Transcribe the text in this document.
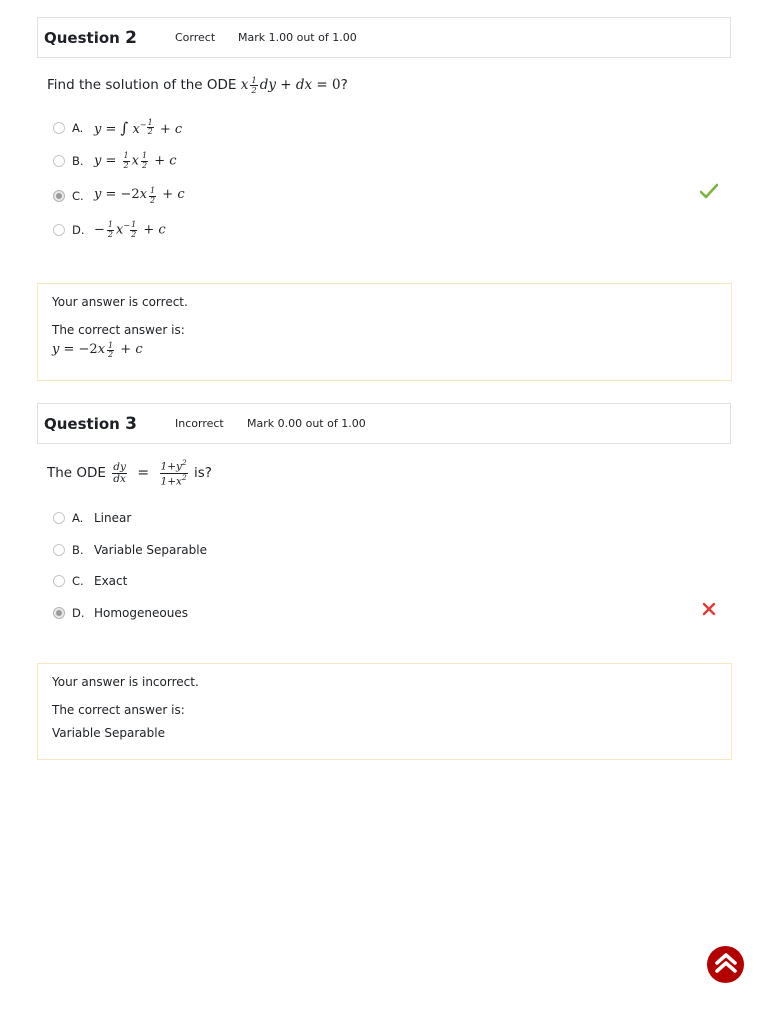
Question 2	Correct Mark 1.00 out of 1.00
Find the solution of the ODE x $\frac{1}{2}$ dy + dx = 0 ?
A. y = ∫ $x^- \frac{1}{2} + c$
B. $y = \frac{1}{2}$ x $\frac{1}{2} + c$
C. $y = -2x \frac{1}{2} + c$
D. − $\frac{1}{2} x^- \frac{1}{2} + c$
Your answer is correct.
The correct answer is:
$y = -2x \frac{1}{2} + c$
Question 3	Incorrect Mark 0.00 out of 1.00
The ODE $\frac{dy}{dx} = \frac{1+y^2}{1+x^2}$ is?
A. Linear
B. Variable Separable
C. Exact
D. Homogeneoues
Your answer is incorrect.
The correct answer is:
Variable Separable
